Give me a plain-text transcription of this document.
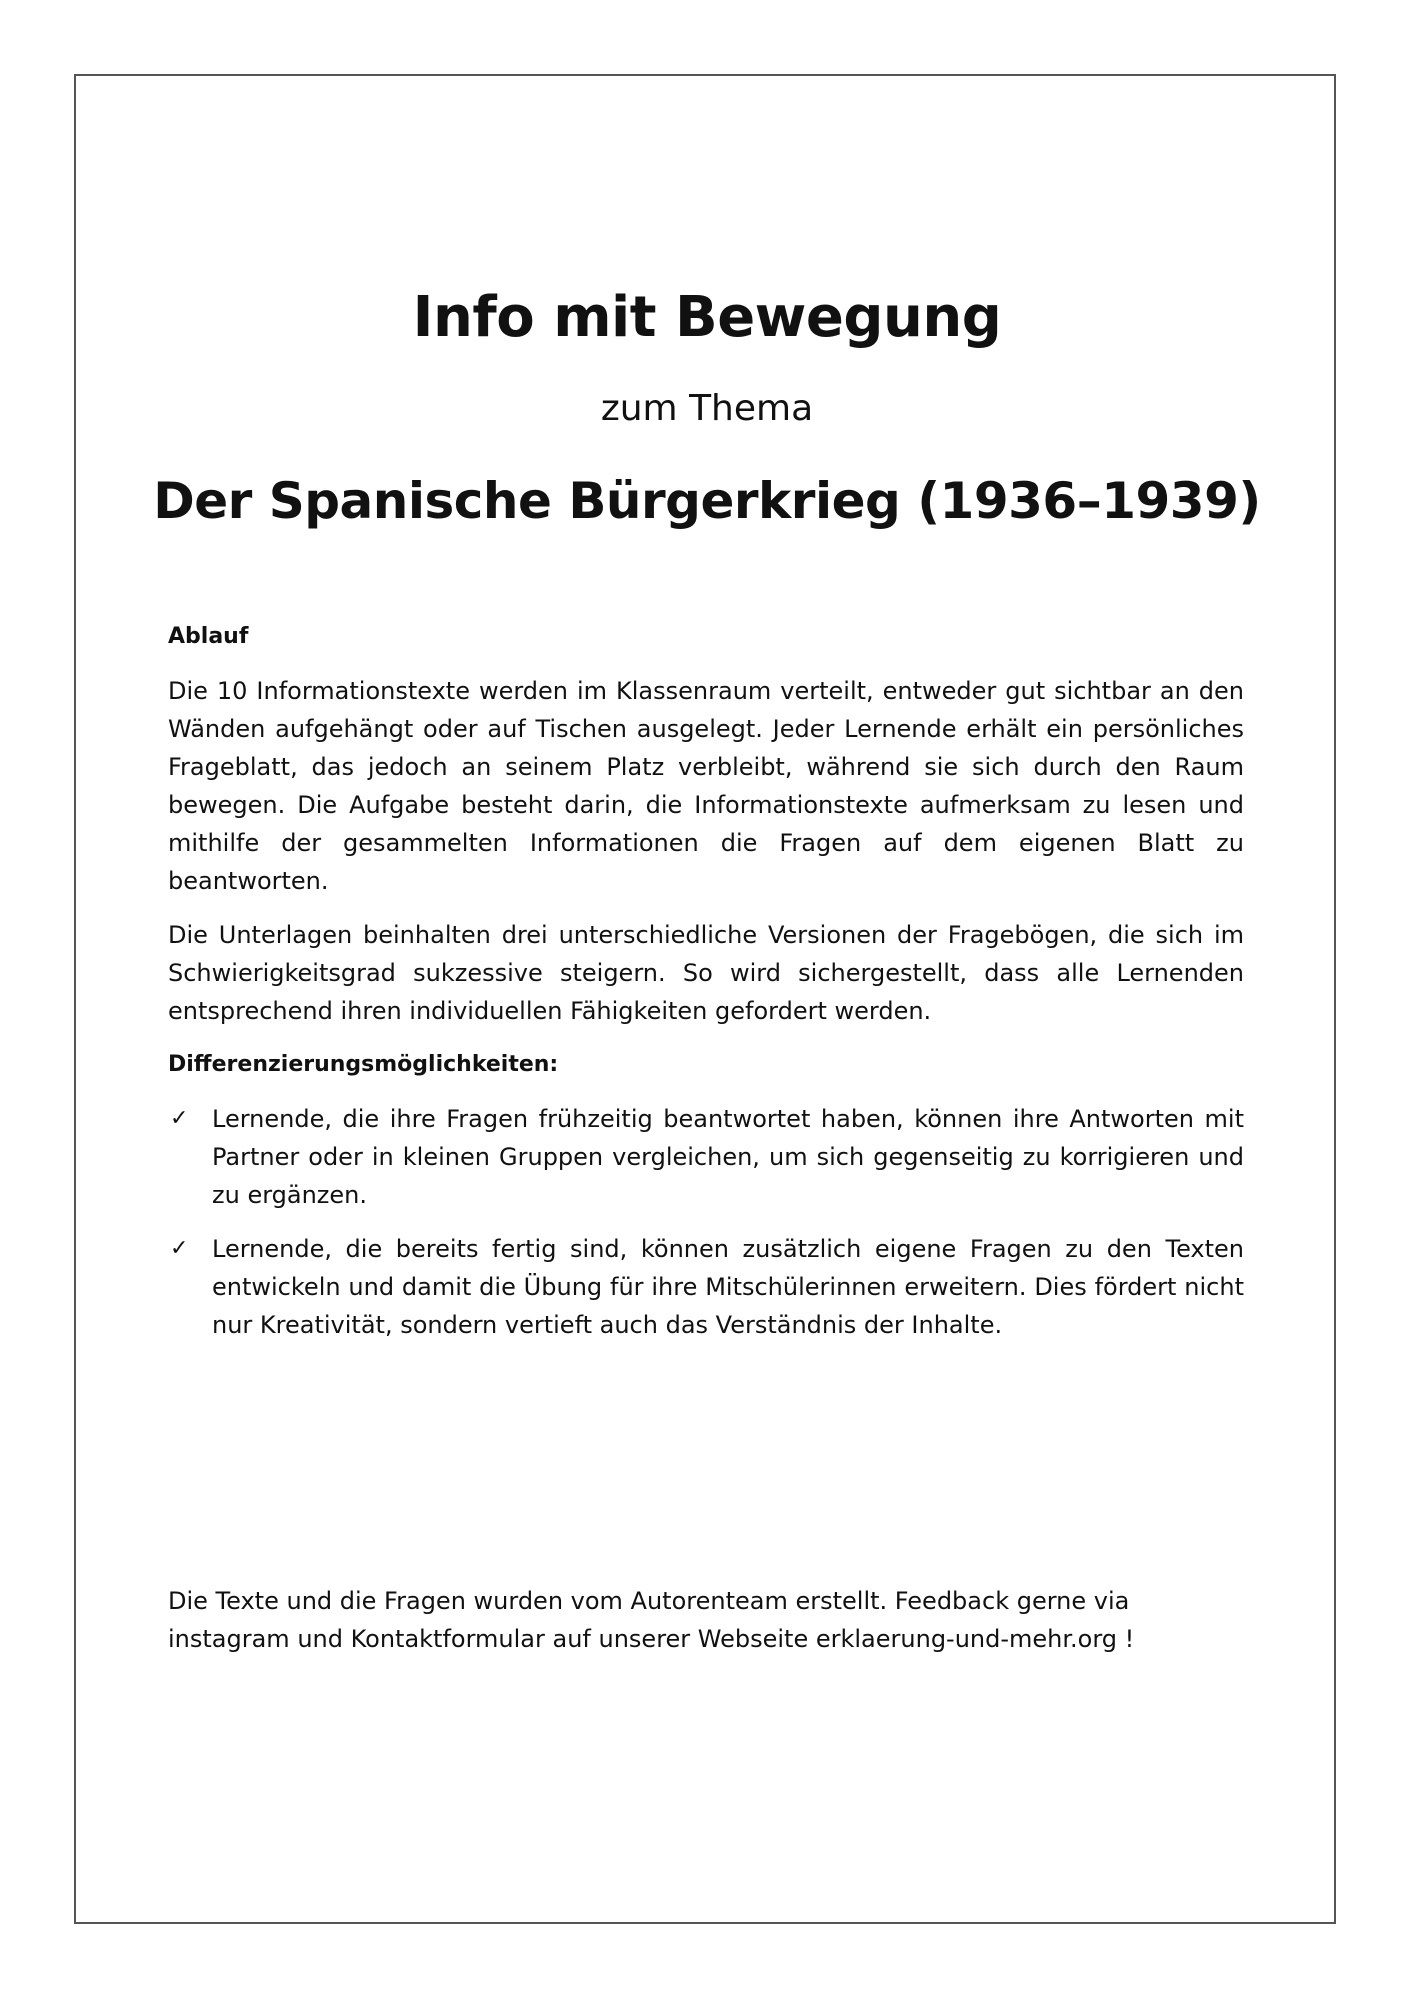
Info mit Bewegung

zum Thema

Der Spanische Bürgerkrieg (1936–1939)
Ablauf

Die 10 Informationstexte werden im Klassenraum verteilt, entweder gut sichtbar an den Wänden aufgehängt oder auf Tischen ausgelegt. Jeder Lernende erhält ein persönliches Frageblatt, das jedoch an seinem Platz verbleibt, während sie sich durch den Raum bewegen. Die Aufgabe besteht darin, die Informationstexte aufmerksam zu lesen und mithilfe der gesammelten Informationen die Fragen auf dem eigenen Blatt zu beantworten.

Die Unterlagen beinhalten drei unterschiedliche Versionen der Fragebögen, die sich im Schwierigkeitsgrad sukzessive steigern. So wird sichergestellt, dass alle Lernenden entsprechend ihren individuellen Fähigkeiten gefordert werden.

Differenzierungsmöglichkeiten:
✓ Lernende, die ihre Fragen frühzeitig beantwortet haben, können ihre Antworten mit Partner oder in kleinen Gruppen vergleichen, um sich gegenseitig zu korrigieren und zu ergänzen.
✓ Lernende, die bereits fertig sind, können zusätzlich eigene Fragen zu den Texten entwickeln und damit die Übung für ihre Mitschülerinnen erweitern. Dies fördert nicht nur Kreativität, sondern vertieft auch das Verständnis der Inhalte.
Die Texte und die Fragen wurden vom Autorenteam erstellt. Feedback gerne via
instagram und Kontaktformular auf unserer Webseite erklaerung-und-mehr.org !
